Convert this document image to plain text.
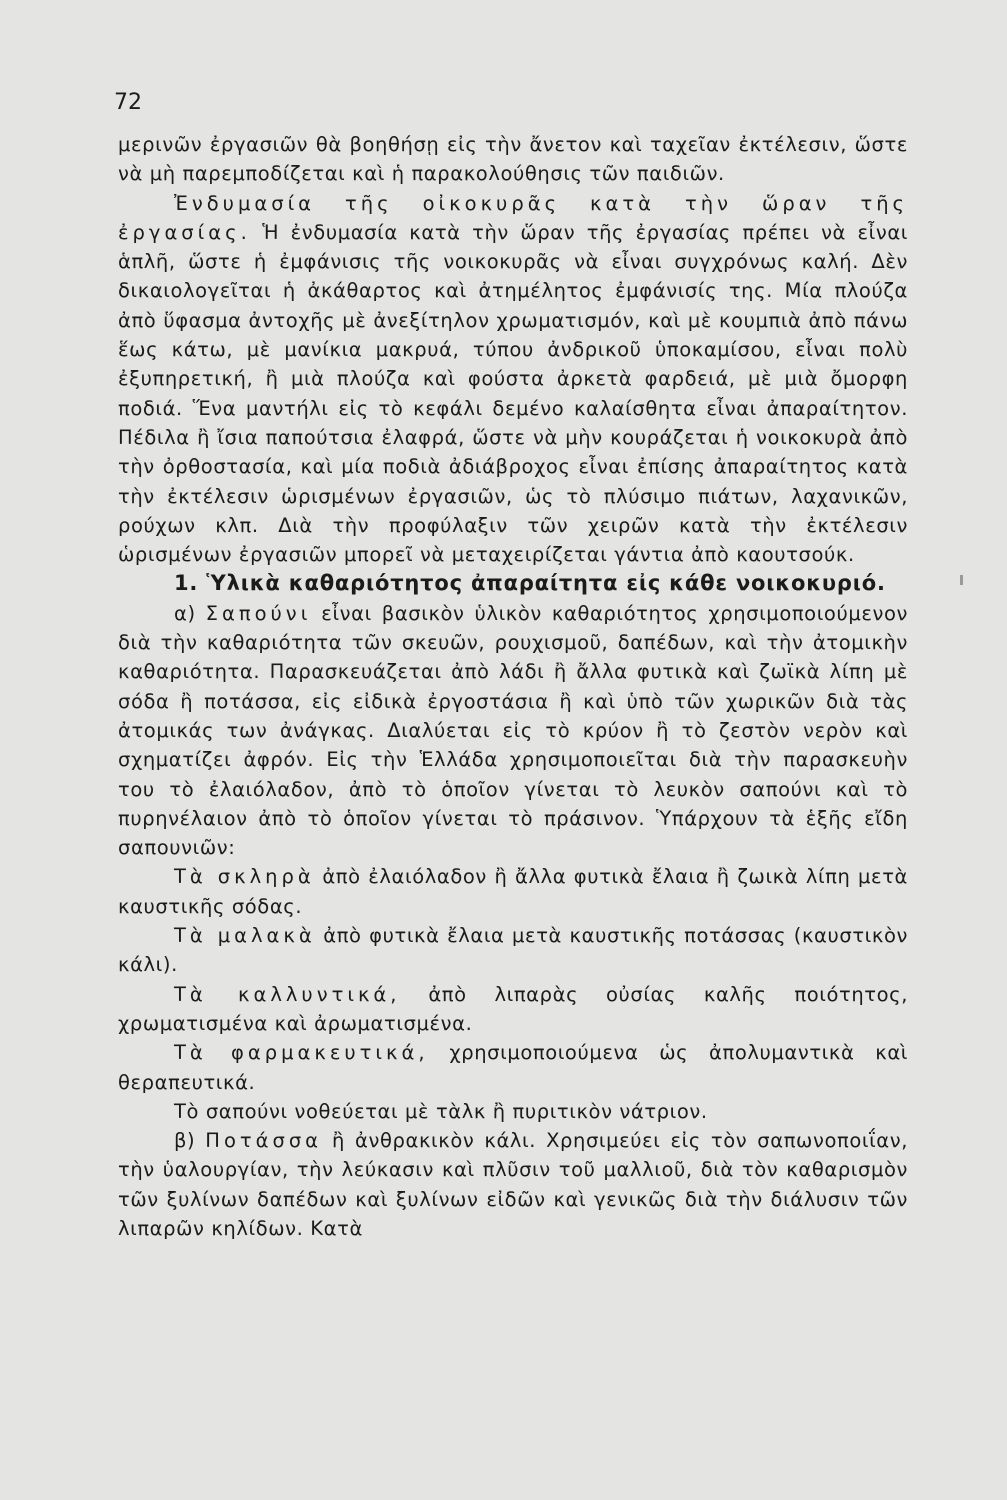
72

μερινῶν ἐργασιῶν θὰ βοηθήσῃ εἰς τὴν ἄνετον καὶ ταχεῖαν ἐκτέλεσιν, ὥστε νὰ μὴ παρεμποδίζεται καὶ ἡ παρακολούθησις τῶν παιδιῶν.

Ἐνδυμασία τῆς οἰκοκυρᾶς κατὰ τὴν ὥραν τῆς ἐργασίας. Ἡ ἐνδυμασία κατὰ τὴν ὥραν τῆς ἐργασίας πρέπει νὰ εἶναι ἁπλῆ, ὥστε ἡ ἐμφάνισις τῆς νοικοκυρᾶς νὰ εἶναι συγχρόνως καλή. Δὲν δικαιολογεῖται ἡ ἀκάθαρτος καὶ ἀτημέλητος ἐμφάνισίς της. Μία πλούζα ἀπὸ ὕφασμα ἀντοχῆς μὲ ἀνεξίτηλον χρωματισμόν, καὶ μὲ κουμπιὰ ἀπὸ πάνω ἕως κάτω, μὲ μανίκια μακρυά, τύπου ἀνδρικοῦ ὑποκαμίσου, εἶναι πολὺ ἐξυπηρετική, ἢ μιὰ πλούζα καὶ φούστα ἀρκετὰ φαρδειά, μὲ μιὰ ὄμορφη ποδιά. Ἕνα μαντήλι εἰς τὸ κεφάλι δεμένο καλαίσθητα εἶναι ἀπαραίτητον. Πέδιλα ἢ ἴσια παπούτσια ἐλαφρά, ὥστε νὰ μὴν κουράζεται ἡ νοικοκυρὰ ἀπὸ τὴν ὀρθοστασία, καὶ μία ποδιὰ ἀδιάβροχος εἶναι ἐπίσης ἀπαραίτητος κατὰ τὴν ἐκτέλεσιν ὡρισμένων ἐργασιῶν, ὡς τὸ πλύσιμο πιάτων, λαχανικῶν, ρούχων κλπ. Διὰ τὴν προφύλαξιν τῶν χειρῶν κατὰ τὴν ἐκτέλεσιν ὡρισμένων ἐργασιῶν μπορεῖ νὰ μεταχειρίζεται γάντια ἀπὸ καουτσούκ.

1. Ὑλικὰ καθαριότητος ἀπαραίτητα εἰς κάθε νοικοκυριό.

α) Σαπούνι εἶναι βασικὸν ὑλικὸν καθαριότητος χρησιμοποιούμενον διὰ τὴν καθαριότητα τῶν σκευῶν, ρουχισμοῦ, δαπέδων, καὶ τὴν ἀτομικὴν καθαριότητα. Παρασκευάζεται ἀπὸ λάδι ἢ ἄλλα φυτικὰ καὶ ζωϊκὰ λίπη μὲ σόδα ἢ ποτάσσα, εἰς εἰδικὰ ἐργοστάσια ἢ καὶ ὑπὸ τῶν χωρικῶν διὰ τὰς ἀτομικάς των ἀνάγκας. Διαλύεται εἰς τὸ κρύον ἢ τὸ ζεστὸν νερὸν καὶ σχηματίζει ἀφρόν. Εἰς τὴν Ἑλλάδα χρησιμοποιεῖται διὰ τὴν παρασκευὴν του τὸ ἐλαιόλαδον, ἀπὸ τὸ ὁποῖον γίνεται τὸ λευκὸν σαπούνι καὶ τὸ πυρηνέλαιον ἀπὸ τὸ ὁποῖον γίνεται τὸ πράσινον. Ὑπάρχουν τὰ ἑξῆς εἴδη σαπουνιῶν:

Τὰ σκληρὰ ἀπὸ ἐλαιόλαδον ἢ ἄλλα φυτικὰ ἔλαια ἢ ζωικὰ λίπη μετὰ καυστικῆς σόδας.

Τὰ μαλακὰ ἀπὸ φυτικὰ ἔλαια μετὰ καυστικῆς ποτάσσας (καυστικὸν κάλι).

Τὰ καλλυντικά, ἀπὸ λιπαρὰς οὐσίας καλῆς ποιότητος, χρωματισμένα καὶ ἀρωματισμένα.

Τὰ φαρμακευτικά, χρησιμοποιούμενα ὡς ἀπολυμαντικὰ καὶ θεραπευτικά.

Τὸ σαπούνι νοθεύεται μὲ τὰλκ ἢ πυριτικὸν νάτριον.

β) Ποτάσσα ἢ ἀνθρακικὸν κάλι. Χρησιμεύει εἰς τὸν σαπωνοποιΐαν, τὴν ὑαλουργίαν, τὴν λεύκασιν καὶ πλῦσιν τοῦ μαλλιοῦ, διὰ τὸν καθαρισμὸν τῶν ξυλίνων δαπέδων καὶ ξυλίνων εἰδῶν καὶ γενικῶς διὰ τὴν διάλυσιν τῶν λιπαρῶν κηλίδων. Κατὰ
